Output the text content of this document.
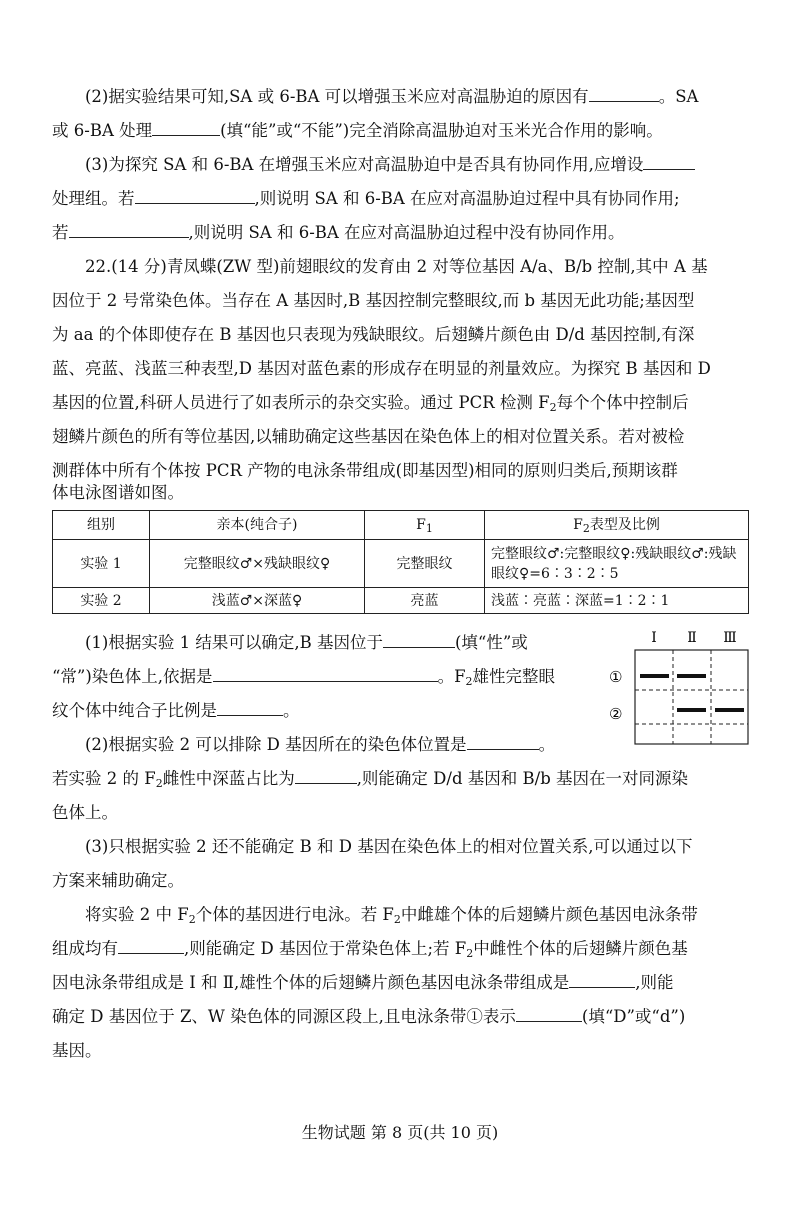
  (2)据实验结果可知,SA 或 6-BA 可以增强玉米应对高温胁迫的原因有	。SA
或 6-BA 处理	(填“能”或“不能”)完全消除高温胁迫对玉米光合作用的影响。
  (3)为探究 SA 和 6-BA 在增强玉米应对高温胁迫中是否具有协同作用,应增设
处理组。若	,则说明 SA 和 6-BA 在应对高温胁迫过程中具有协同作用;
若	,则说明 SA 和 6-BA 在应对高温胁迫过程中没有协同作用。
  22.(14 分)青凤蝶(ZW 型)前翅眼纹的发育由 2 对等位基因 A/a、B/b 控制,其中 A 基
因位于 2 号常染色体。当存在 A 基因时,B 基因控制完整眼纹,而 b 基因无此功能;基因型
为 aa 的个体即使存在 B 基因也只表现为残缺眼纹。后翅鳞片颜色由 D/d 基因控制,有深
蓝、亮蓝、浅蓝三种表型,D 基因对蓝色素的形成存在明显的剂量效应。为探究 B 基因和 D
基因的位置,科研人员进行了如表所示的杂交实验。通过 PCR 检测 $F_2$每个个体中控制后
翅鳞片颜色的所有等位基因,以辅助确定这些基因在染色体上的相对位置关系。若对被检
测群体中所有个体按 PCR 产物的电泳条带组成(即基因型)相同的原则归类后,预期该群
体电泳图谱如图。
组别	亲本(纯合子)	$F_1$	$F_2$表型及比例
实验 1	完整眼纹♂×残缺眼纹♀	完整眼纹	完整眼纹♂:完整眼纹♀:残缺眼纹♂:残缺眼纹♀=6∶3∶2∶5
实验 2	浅蓝♂×深蓝♀	亮蓝	浅蓝∶亮蓝∶深蓝=1∶2∶1
  (1)根据实验 1 结果可以确定,B 基因位于	(填“性”或
“常”)染色体上,依据是	。$F_2$雄性完整眼
纹个体中纯合子比例是	。
  (2)根据实验 2 可以排除 D 基因所在的染色体位置是	。
若实验 2 的 $F_2$雌性中深蓝占比为	,则能确定 D/d 基因和 B/b 基因在一对同源染
色体上。
  (3)只根据实验 2 还不能确定 B 和 D 基因在染色体上的相对位置关系,可以通过以下
方案来辅助确定。
  将实验 2 中 $F_2$个体的基因进行电泳。若 $F_2$中雌雄个体的后翅鳞片颜色基因电泳条带
组成均有	,则能确定 D 基因位于常染色体上;若 $F_2$中雌性个体的后翅鳞片颜色基
因电泳条带组成是 Ⅰ 和 Ⅱ,雄性个体的后翅鳞片颜色基因电泳条带组成是	,则能
确定 D 基因位于 Z、W 染色体的同源区段上,且电泳条带①表示	(填“D”或“d”)
基因。
Ⅰ Ⅱ Ⅲ
①
②
生物试题 第 8 页(共 10 页)
